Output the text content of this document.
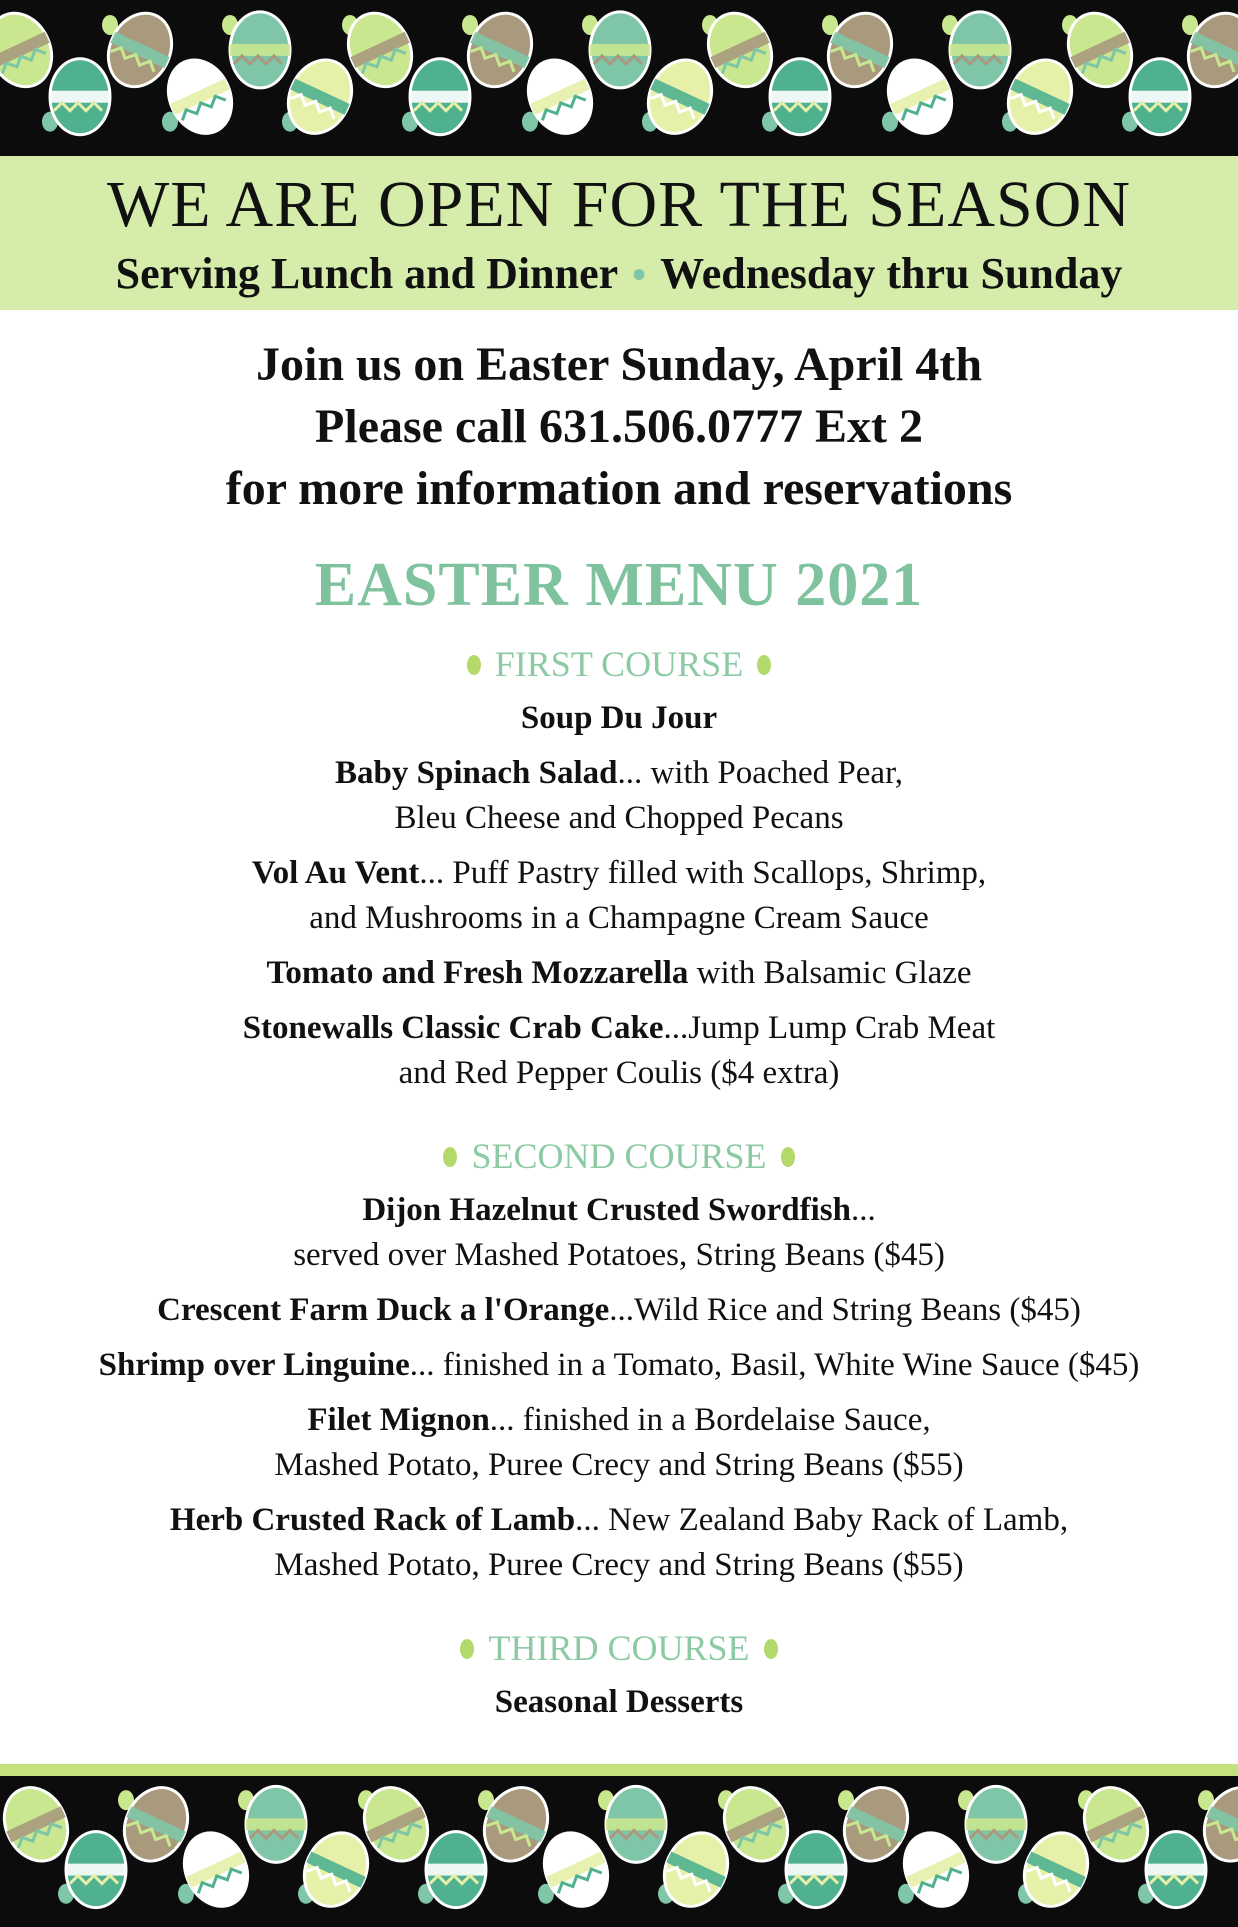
WE ARE OPEN FOR THE SEASON
Serving Lunch and Dinner • Wednesday thru Sunday
Join us on Easter Sunday, April 4th
Please call 631.506.0777 Ext 2
for more information and reservations
EASTER MENU 2021
FIRST COURSE
Soup Du Jour
Baby Spinach Salad... with Poached Pear,
Bleu Cheese and Chopped Pecans
Vol Au Vent... Puff Pastry filled with Scallops, Shrimp,
and Mushrooms in a Champagne Cream Sauce
Tomato and Fresh Mozzarella with Balsamic Glaze
Stonewalls Classic Crab Cake...Jump Lump Crab Meat
and Red Pepper Coulis ($4 extra)
SECOND COURSE
Dijon Hazelnut Crusted Swordfish...
served over Mashed Potatoes, String Beans ($45)
Crescent Farm Duck a l'Orange...Wild Rice and String Beans ($45)
Shrimp over Linguine... finished in a Tomato, Basil, White Wine Sauce ($45)
Filet Mignon... finished in a Bordelaise Sauce,
Mashed Potato, Puree Crecy and String Beans ($55)
Herb Crusted Rack of Lamb... New Zealand Baby Rack of Lamb,
Mashed Potato, Puree Crecy and String Beans ($55)
THIRD COURSE
Seasonal Desserts
